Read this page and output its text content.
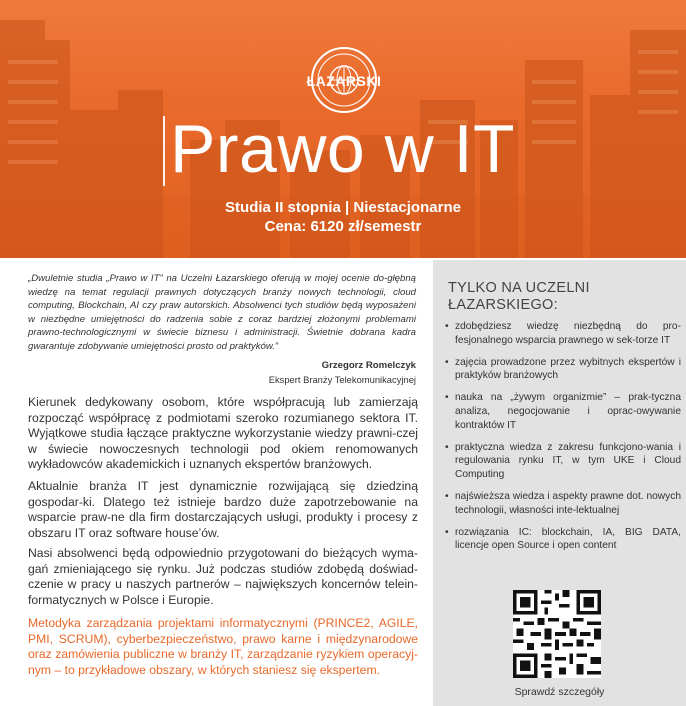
ŁAZARSKI
Prawo w IT
Studia II stopnia | Niestacjonarne
Cena: 6120 zł/semestr

„Dwuletnie studia „Prawo w IT” na Uczelni Łazarskiego oferują w mojej ocenie do-głębną wiedzę na temat regulacji prawnych dotyczących branży nowych technologii, cloud computing, Blockchain, AI czy praw autorskich. Absolwenci tych studiów będą wyposażeni w niezbędne umiejętności do radzenia sobie z coraz bardziej złożonymi problemami prawno-technologicznymi w świecie biznesu i administracji. Świetnie dobrana kadra gwarantuje zdobywanie umiejętności prosto od praktyków.”

Grzegorz Romelczyk
Ekspert Branży Telekomunikacyjnej

Kierunek dedykowany osobom, które współpracują lub zamierzają rozpocząć współpracę z podmiotami szeroko rozumianego sektora IT. Wyjątkowe studia łączące praktyczne wykorzystanie wiedzy prawni-czej w świecie nowoczesnych technologii pod okiem renomowanych wykładowców akademickich i uznanych ekspertów branżowych.

Aktualnie branża IT jest dynamicznie rozwijającą się dziedziną gospodar-ki. Dlatego też istnieje bardzo duże zapotrzebowanie na wsparcie praw-ne dla firm dostarczających usługi, produkty i procesy z obszaru IT oraz software house’ów.

Nasi absolwenci będą odpowiednio przygotowani do bieżących wyma-gań zmieniającego się rynku. Już podczas studiów zdobędą doświad-czenie w pracy u naszych partnerów – największych koncernów telein-formatycznych w Polsce i Europie.

Metodyka zarządzania projektami informatycznymi (PRINCE2, AGILE, PMI, SCRUM), cyberbezpieczeństwo, prawo karne i międzynarodowe oraz zamówienia publiczne w branży IT, zarządzanie ryzykiem operacyj-nym – to przykładowe obszary, w których staniesz się ekspertem.

TYLKO NA UCZELNI
ŁAZARSKIEGO:
• zdobędziesz wiedzę niezbędną do pro-fesjonalnego wsparcia prawnego w sek-torze IT
• zajęcia prowadzone przez wybitnych ekspertów i praktyków branżowych
• nauka na „żywym organizmie” – prak-tyczna analiza, negocjowanie i oprac-owywanie kontraktów IT
• praktyczna wiedza z zakresu funkcjono-wania i regulowania rynku IT, w tym UKE i Cloud Computing
• najświeższa wiedza i aspekty prawne dot. nowych technologii, własności inte-lektualnej
• rozwiązania IC: blockchain, IA, BIG DATA, licencje open Source i open content
Sprawdź szczegóły
